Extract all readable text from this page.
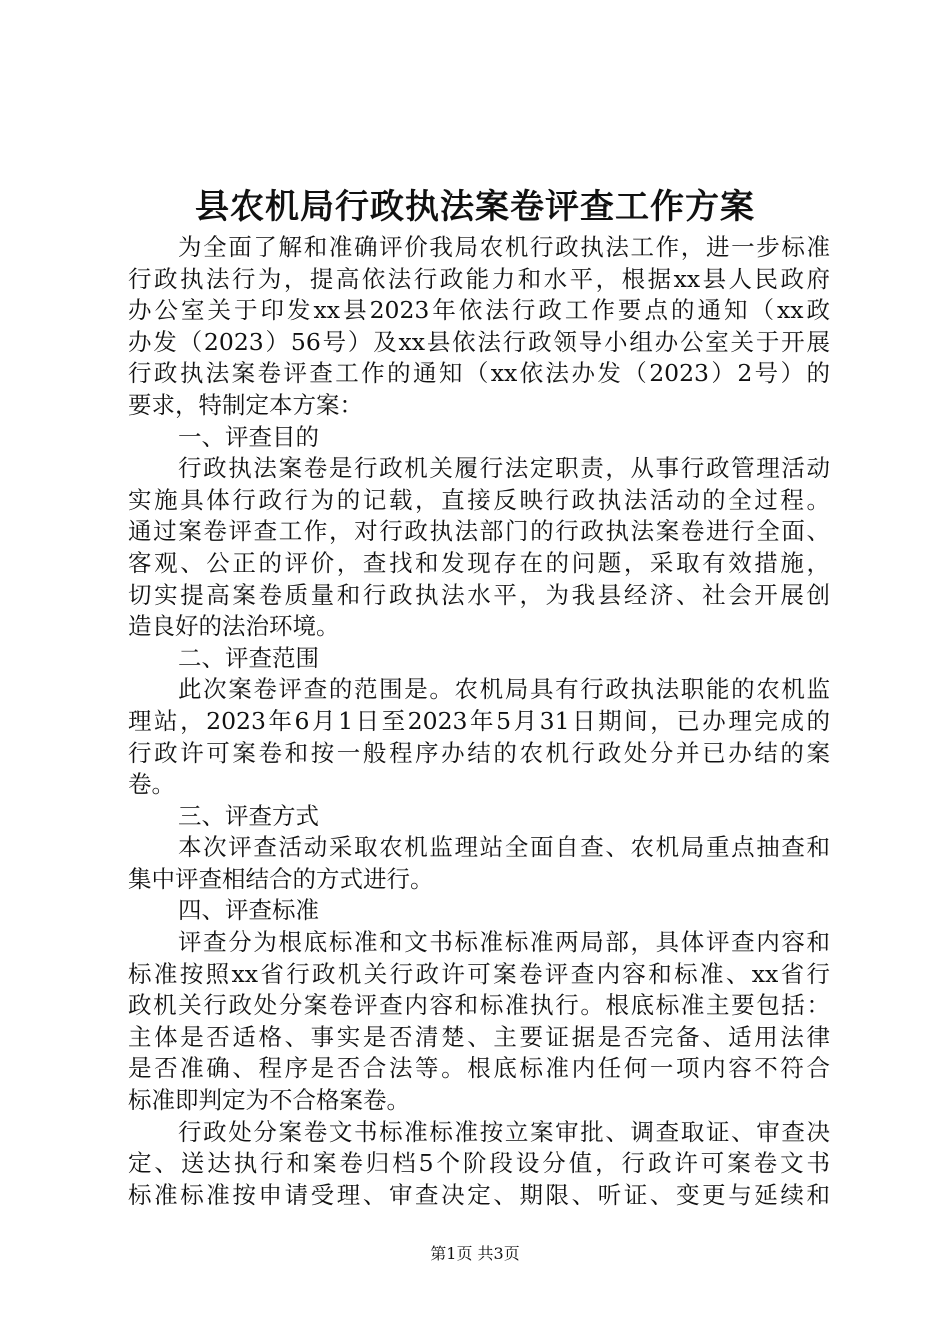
县农机局行政执法案卷评查工作方案
为全面了解和准确评价我局农机行政执法工作，进一步标准
行政执法行为，提高依法行政能力和水平，根据xx县人民政府
办公室关于印发xx县2023年依法行政工作要点的通知（xx政
办发（2023）56号）及xx县依法行政领导小组办公室关于开展
行政执法案卷评查工作的通知（xx依法办发（2023）2号）的
要求，特制定本方案：
一、评查目的
行政执法案卷是行政机关履行法定职责，从事行政管理活动
实施具体行政行为的记载，直接反映行政执法活动的全过程。
通过案卷评查工作，对行政执法部门的行政执法案卷进行全面、
客观、公正的评价，查找和发现存在的问题，采取有效措施，
切实提高案卷质量和行政执法水平，为我县经济、社会开展创
造良好的法治环境。
二、评查范围
此次案卷评查的范围是。农机局具有行政执法职能的农机监
理站，2023年6月1日至2023年5月31日期间，已办理完成的
行政许可案卷和按一般程序办结的农机行政处分并已办结的案
卷。
三、评查方式
本次评查活动采取农机监理站全面自查、农机局重点抽查和
集中评查相结合的方式进行。
四、评查标准
评查分为根底标准和文书标准标准两局部，具体评查内容和
标准按照xx省行政机关行政许可案卷评查内容和标准、xx省行
政机关行政处分案卷评查内容和标准执行。根底标准主要包括：
主体是否适格、事实是否清楚、主要证据是否完备、适用法律
是否准确、程序是否合法等。根底标准内任何一项内容不符合
标准即判定为不合格案卷。
行政处分案卷文书标准标准按立案审批、调查取证、审查决
定、送达执行和案卷归档5个阶段设分值，行政许可案卷文书
标准标准按申请受理、审查决定、期限、听证、变更与延续和
第1页 共3页
